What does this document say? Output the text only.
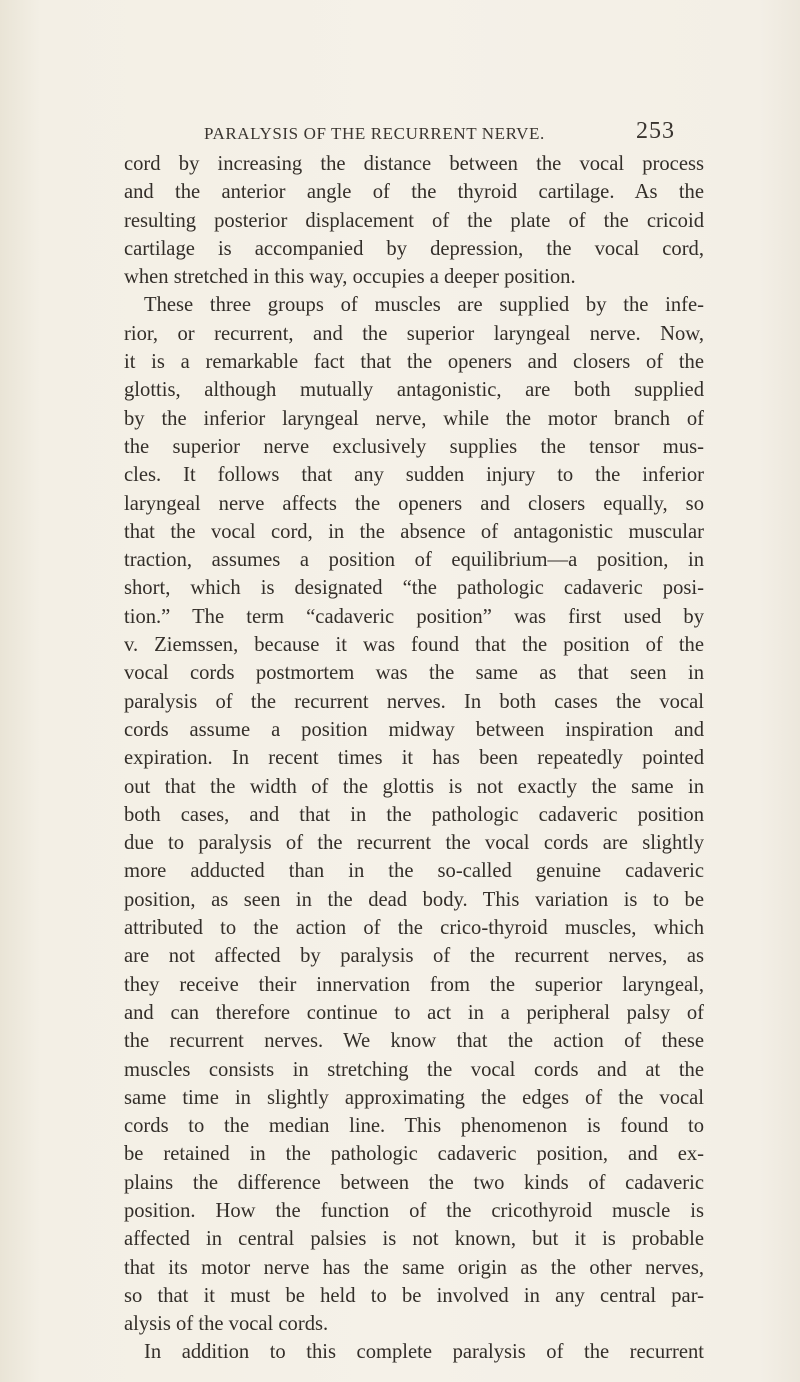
PARALYSIS OF THE RECURRENT NERVE.	253
cord by increasing the distance between the vocal process
and the anterior angle of the thyroid cartilage. As the
resulting posterior displacement of the plate of the cricoid
cartilage is accompanied by depression, the vocal cord,
when stretched in this way, occupies a deeper position.
These three groups of muscles are supplied by the infe-
rior, or recurrent, and the superior laryngeal nerve. Now,
it is a remarkable fact that the openers and closers of the
glottis, although mutually antagonistic, are both supplied
by the inferior laryngeal nerve, while the motor branch of
the superior nerve exclusively supplies the tensor mus-
cles. It follows that any sudden injury to the inferior
laryngeal nerve affects the openers and closers equally, so
that the vocal cord, in the absence of antagonistic muscular
traction, assumes a position of equilibrium—a position, in
short, which is designated “the pathologic cadaveric posi-
tion.” The term “cadaveric position” was first used by
v. Ziemssen, because it was found that the position of the
vocal cords postmortem was the same as that seen in
paralysis of the recurrent nerves. In both cases the vocal
cords assume a position midway between inspiration and
expiration. In recent times it has been repeatedly pointed
out that the width of the glottis is not exactly the same in
both cases, and that in the pathologic cadaveric position
due to paralysis of the recurrent the vocal cords are slightly
more adducted than in the so-called genuine cadaveric
position, as seen in the dead body. This variation is to be
attributed to the action of the crico-thyroid muscles, which
are not affected by paralysis of the recurrent nerves, as
they receive their innervation from the superior laryngeal,
and can therefore continue to act in a peripheral palsy of
the recurrent nerves. We know that the action of these
muscles consists in stretching the vocal cords and at the
same time in slightly approximating the edges of the vocal
cords to the median line. This phenomenon is found to
be retained in the pathologic cadaveric position, and ex-
plains the difference between the two kinds of cadaveric
position. How the function of the cricothyroid muscle is
affected in central palsies is not known, but it is probable
that its motor nerve has the same origin as the other nerves,
so that it must be held to be involved in any central par-
alysis of the vocal cords.
In addition to this complete paralysis of the recurrent
